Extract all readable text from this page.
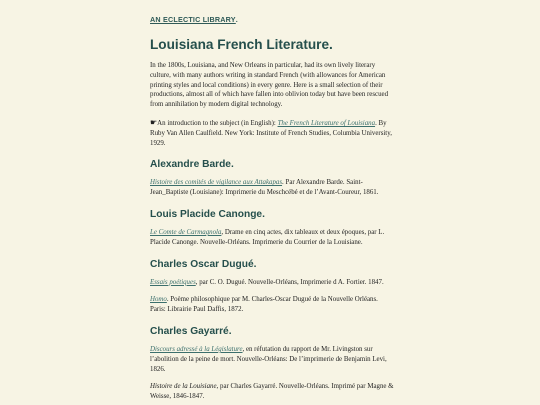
AN ECLECTIC LIBRARY.
Louisiana French Literature.

In the 1800s, Louisiana, and New Orleans in particular, had its own lively literary culture, with many authors writing in standard French (with allowances for American printing styles and local conditions) in every genre. Here is a small selection of their productions, almost all of which have fallen into oblivion today but have been rescued from annihilation by modern digital technology.

☛An introduction to the subject (in English): The French Literature of Louisiana. By Ruby Van Allen Caulfield. New York: Institute of French Studies, Columbia University, 1929.

Alexandre Barde.

Histoire des comités de vigilance aux Attakapas. Par Alexandre Barde. Saint-Jean_Baptiste (Louisiane): Imprimerie du Meschcébé et de l’Avant-Coureur, 1861.

Louis Placide Canonge.

Le Comte de Carmagnola, Drame en cinq actes, dix tableaux et deux époques, par L. Placide Canonge. Nouvelle-Orléans. Imprimerie du Courrier de la Louisiane.

Charles Oscar Dugué.

Essais poétiques, par C. O. Dugué. Nouvelle-Orléans, Imprimerie d A. Fortier. 1847.

Homo. Poème philosophique par M. Charles-Oscar Dugué de la Nouvelle Orléans. Paris: Librairie Paul Daffis, 1872.

Charles Gayarré.

Discours adressé à la Législature, en réfutation du rapport de Mr. Livingston sur l’abolition de la peine de mort. Nouvelle-Orléans: De l’imprimerie de Benjamin Levi, 1826.

Histoire de la Louisiane, par Charles Gayarré. Nouvelle-Orléans. Imprimé par Magne & Weisse, 1846-1847.
